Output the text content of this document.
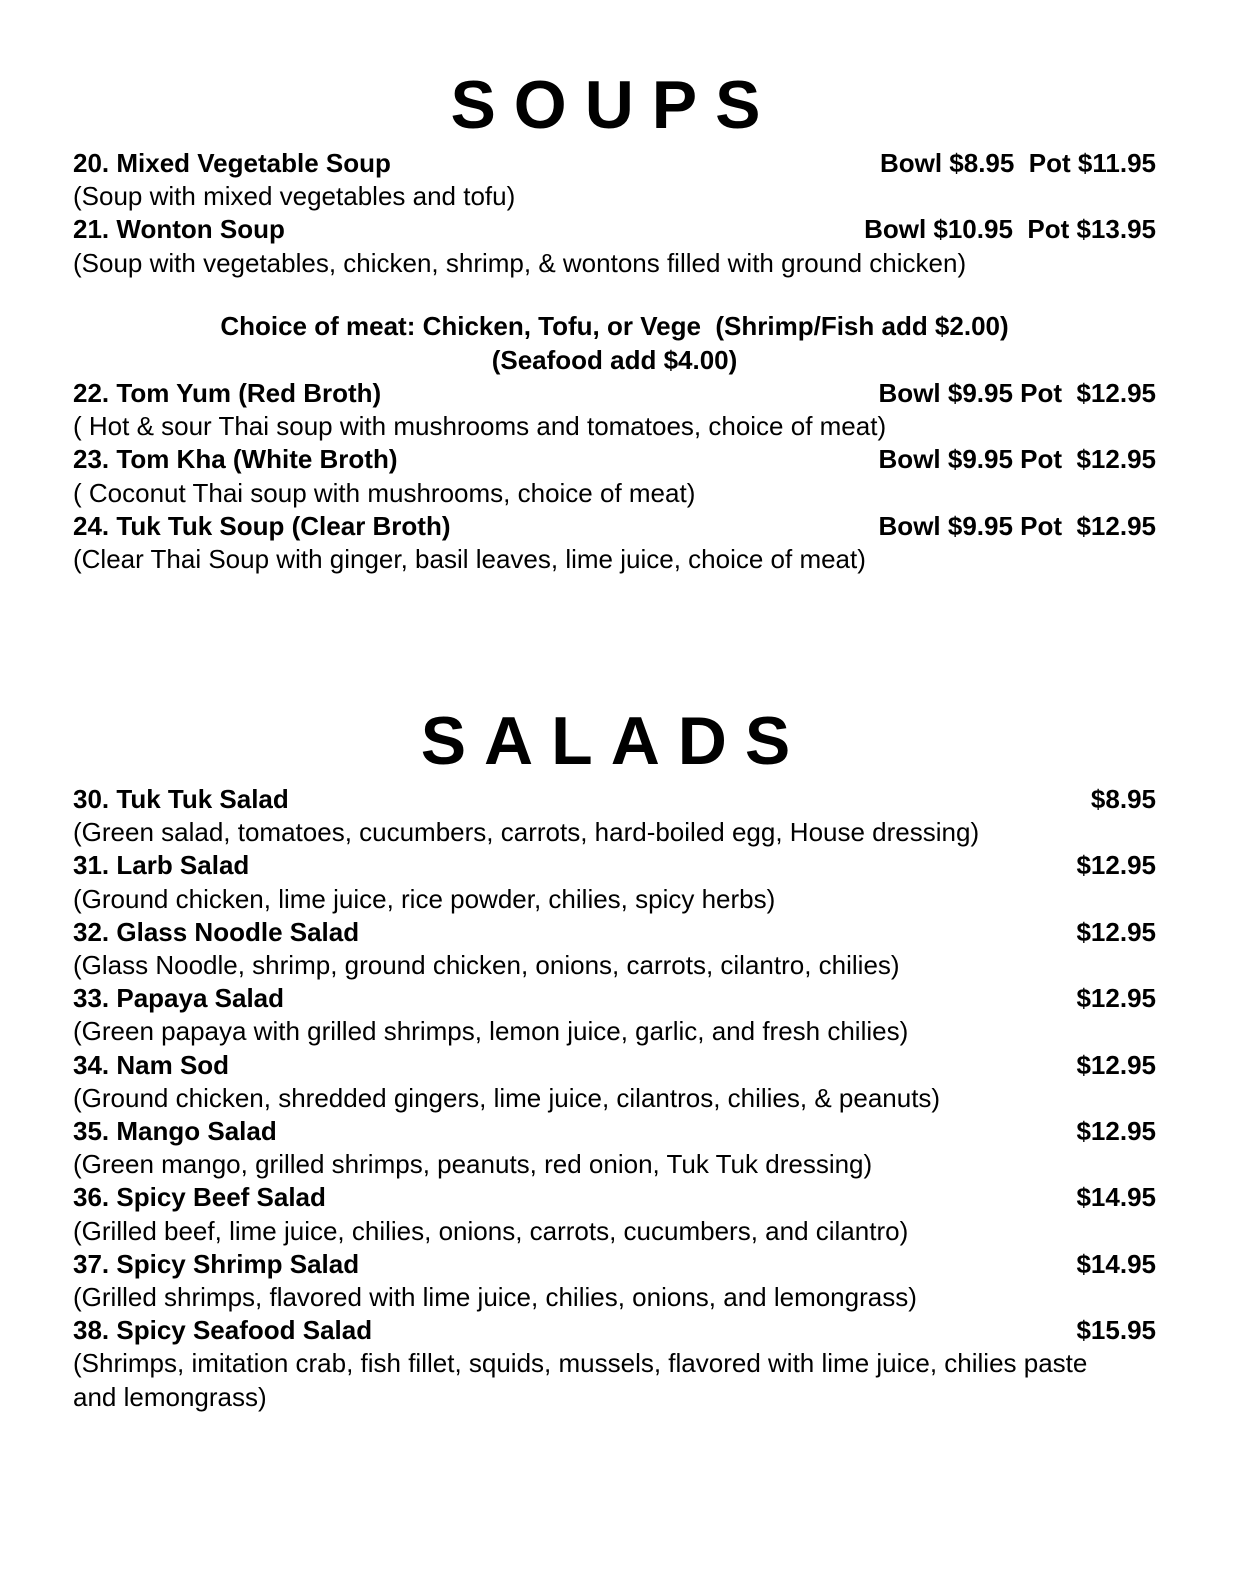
SOUPS
20. Mixed Vegetable Soup	Bowl $8.95  Pot $11.95
(Soup with mixed vegetables and tofu)
21. Wonton Soup	Bowl $10.95  Pot $13.95
(Soup with vegetables, chicken, shrimp, & wontons filled with ground chicken)
Choice of meat: Chicken, Tofu, or Vege  (Shrimp/Fish add $2.00)
(Seafood add $4.00)
22. Tom Yum (Red Broth)	Bowl $9.95 Pot  $12.95
( Hot & sour Thai soup with mushrooms and tomatoes, choice of meat)
23. Tom Kha (White Broth)	Bowl $9.95 Pot  $12.95
( Coconut Thai soup with mushrooms, choice of meat)
24. Tuk Tuk Soup (Clear Broth)	Bowl $9.95 Pot  $12.95
(Clear Thai Soup with ginger, basil leaves, lime juice, choice of meat)
SALADS
30. Tuk Tuk Salad	$8.95
(Green salad, tomatoes, cucumbers, carrots, hard-boiled egg, House dressing)
31. Larb Salad	$12.95
(Ground chicken, lime juice, rice powder, chilies, spicy herbs)
32. Glass Noodle Salad	$12.95
(Glass Noodle, shrimp, ground chicken, onions, carrots, cilantro, chilies)
33. Papaya Salad	$12.95
(Green papaya with grilled shrimps, lemon juice, garlic, and fresh chilies)
34. Nam Sod	$12.95
(Ground chicken, shredded gingers, lime juice, cilantros, chilies, & peanuts)
35. Mango Salad	$12.95
(Green mango, grilled shrimps, peanuts, red onion, Tuk Tuk dressing)
36. Spicy Beef Salad	$14.95
(Grilled beef, lime juice, chilies, onions, carrots, cucumbers, and cilantro)
37. Spicy Shrimp Salad	$14.95
(Grilled shrimps, flavored with lime juice, chilies, onions, and lemongrass)
38. Spicy Seafood Salad	$15.95
(Shrimps, imitation crab, fish fillet, squids, mussels, flavored with lime juice, chilies paste and lemongrass)
